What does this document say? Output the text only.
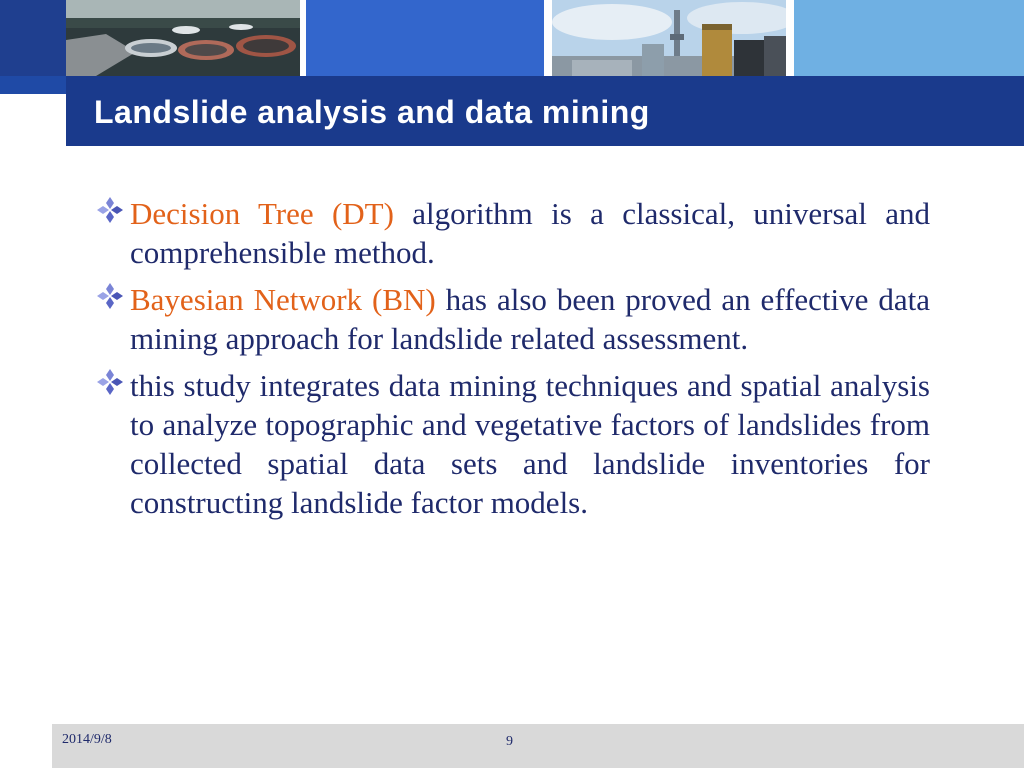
Landslide analysis and data mining
Decision Tree (DT) algorithm is a classical, universal and comprehensible method.
Bayesian Network (BN) has also been proved an effective data mining approach for landslide related assessment.
this study integrates data mining techniques and spatial analysis to analyze topographic and vegetative factors of landslides from collected spatial data sets and landslide inventories for constructing landslide factor models.
2014/9/8	9
